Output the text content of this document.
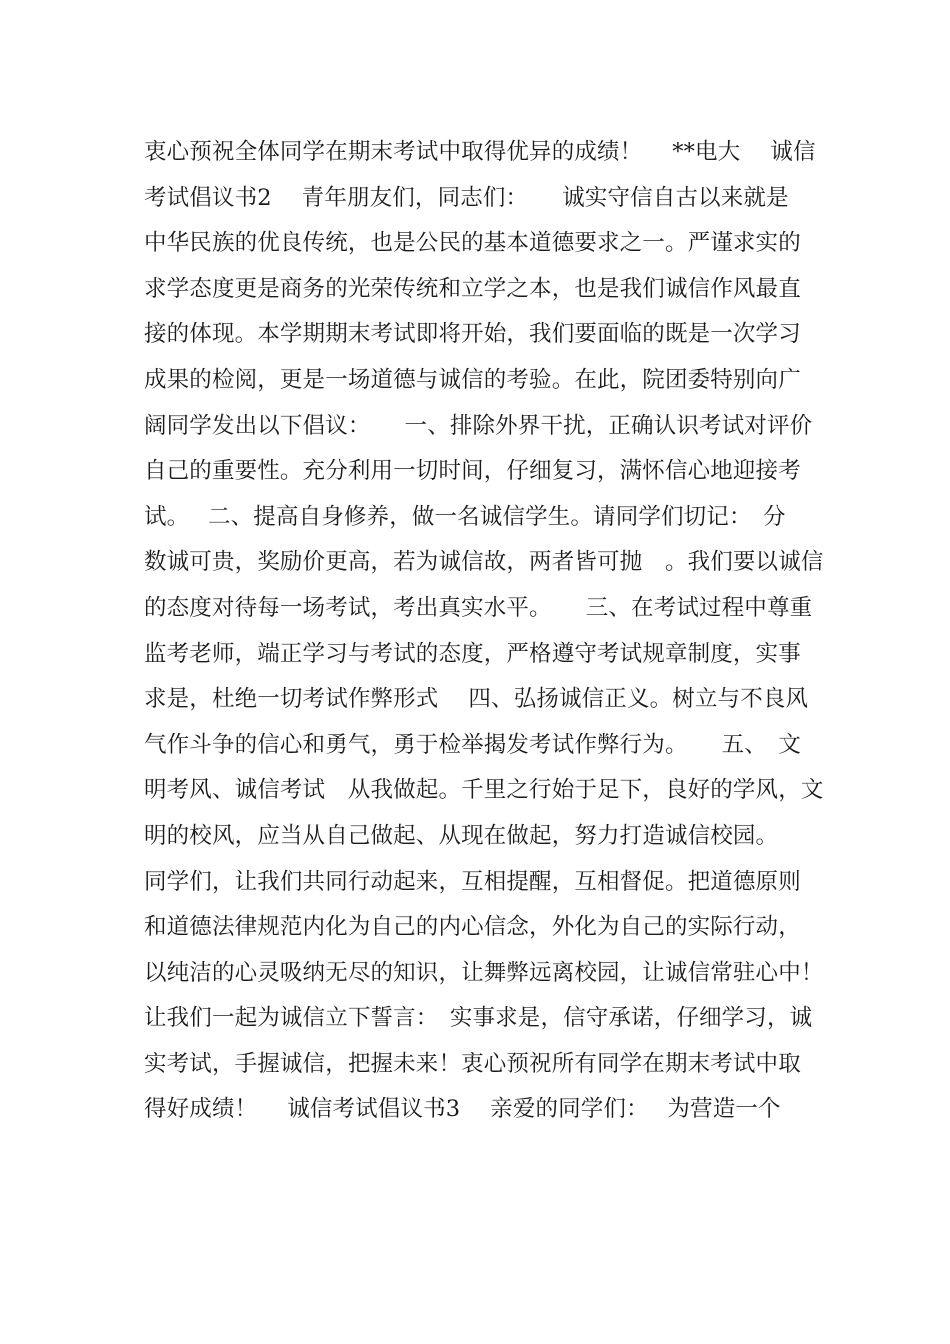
衷心预祝全体同学在期末考试中取得优异的成绩！　 **电大　 诚信
考试倡议书2　 青年朋友们，同志们：　　诚实守信自古以来就是
中华民族的优良传统，也是公民的基本道德要求之一。严谨求实的
求学态度更是商务的光荣传统和立学之本，也是我们诚信作风最直
接的体现。本学期期末考试即将开始，我们要面临的既是一次学习
成果的检阅，更是一场道德与诚信的考验。在此，院团委特别向广
阔同学发出以下倡议：　　一、排除外界干扰，正确认识考试对评价
自己的重要性。充分利用一切时间，仔细复习，满怀信心地迎接考
试。　 二、提高自身修养，做一名诚信学生。请同学们切记：　分
数诚可贵，奖励价更高，若为诚信故，两者皆可抛　。我们要以诚信
的态度对待每一场考试，考出真实水平。　　三、在考试过程中尊重
监考老师，端正学习与考试的态度，严格遵守考试规章制度，实事
求是，杜绝一切考试作弊形式　 四、弘扬诚信正义。树立与不良风
气作斗争的信心和勇气，勇于检举揭发考试作弊行为。　　五、　文
明考风、诚信考试　从我做起。千里之行始于足下，良好的学风，文
明的校风，应当从自己做起、从现在做起，努力打造诚信校园。
同学们，让我们共同行动起来，互相提醒，互相督促。把道德原则
和道德法律规范内化为自己的内心信念，外化为自己的实际行动，
以纯洁的心灵吸纳无尽的知识，让舞弊远离校园，让诚信常驻心中！
让我们一起为诚信立下誓言：　实事求是，信守承诺，仔细学习，诚
实考试，手握诚信，把握未来！衷心预祝所有同学在期末考试中取
得好成绩！　 诚信考试倡议书3　 亲爱的同学们：　 为营造一个
